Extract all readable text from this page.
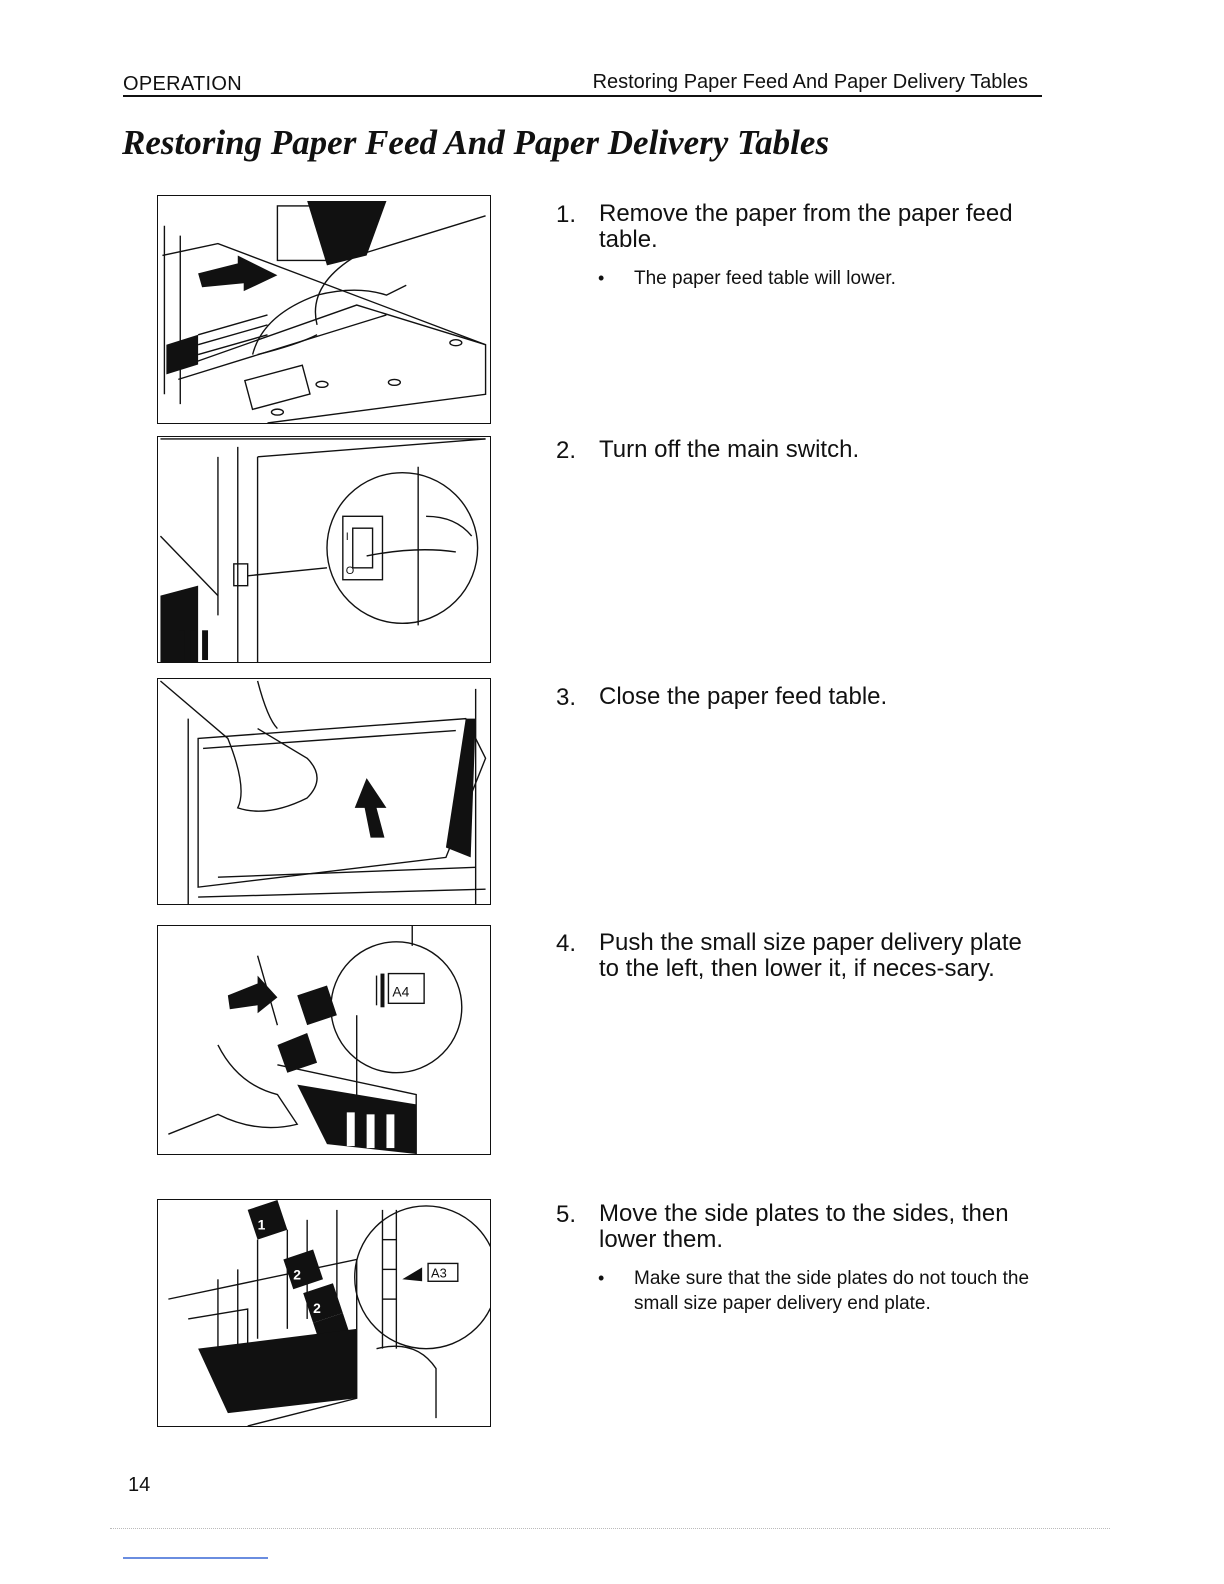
OPERATION	Restoring Paper Feed And Paper Delivery Tables
Restoring Paper Feed And Paper Delivery Tables
I
O
A4
A3
1
2
2
1. Remove the paper from the paper feed table.
• The paper feed table will lower.
2. Turn off the main switch.
3. Close the paper feed table.
4. Push the small size paper delivery plate to the left, then lower it, if neces-sary.
5. Move the side plates to the sides, then lower them.
• Make sure that the side plates do not touch the small size paper delivery end plate.
14
